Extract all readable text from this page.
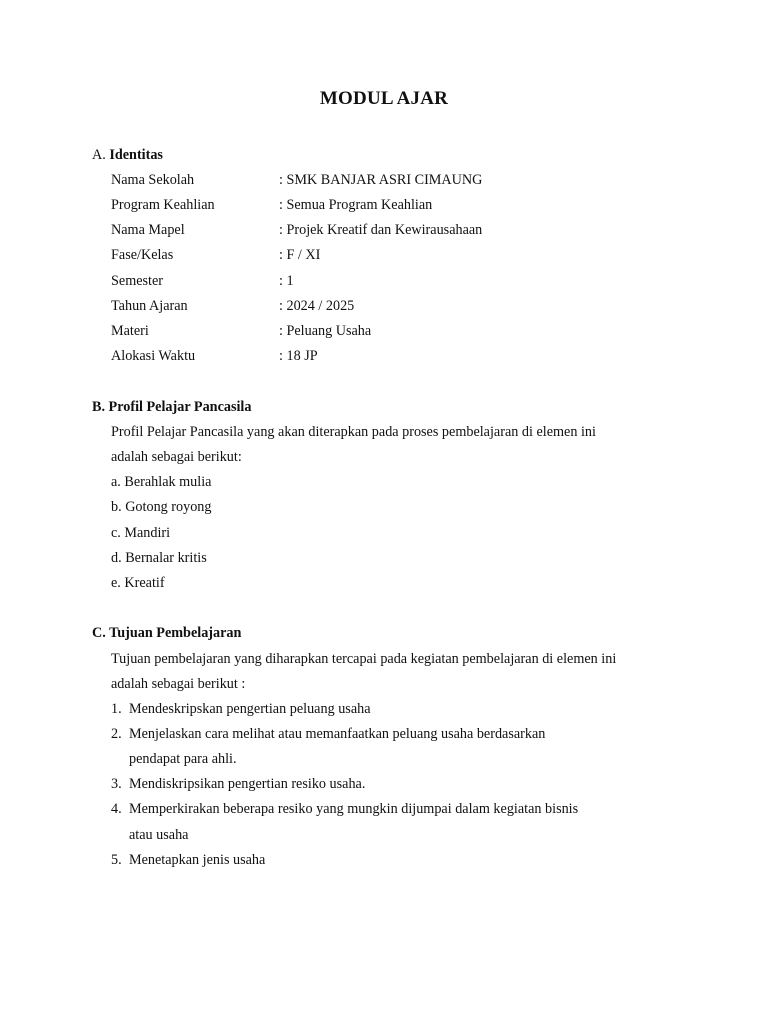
MODUL AJAR
A. Identitas
Nama Sekolah	: SMK BANJAR ASRI CIMAUNG
Program Keahlian	: Semua Program Keahlian
Nama Mapel	: Projek Kreatif dan Kewirausahaan
Fase/Kelas	: F / XI
Semester	: 1
Tahun Ajaran	: 2024 / 2025
Materi	: Peluang Usaha
Alokasi Waktu	: 18 JP
B. Profil Pelajar Pancasila
Profil Pelajar Pancasila yang akan diterapkan pada proses pembelajaran di elemen ini
adalah sebagai berikut:
a. Berahlak mulia
b. Gotong royong
c. Mandiri
d. Bernalar kritis
e. Kreatif
C. Tujuan Pembelajaran
Tujuan pembelajaran yang diharapkan tercapai pada kegiatan pembelajaran di elemen ini
adalah sebagai berikut :
1. Mendeskripskan pengertian peluang usaha
2. Menjelaskan cara melihat atau memanfaatkan peluang usaha berdasarkan
pendapat para ahli.
3. Mendiskripsikan pengertian resiko usaha.
4. Memperkirakan beberapa resiko yang mungkin dijumpai dalam kegiatan bisnis
atau usaha
5. Menetapkan jenis usaha
